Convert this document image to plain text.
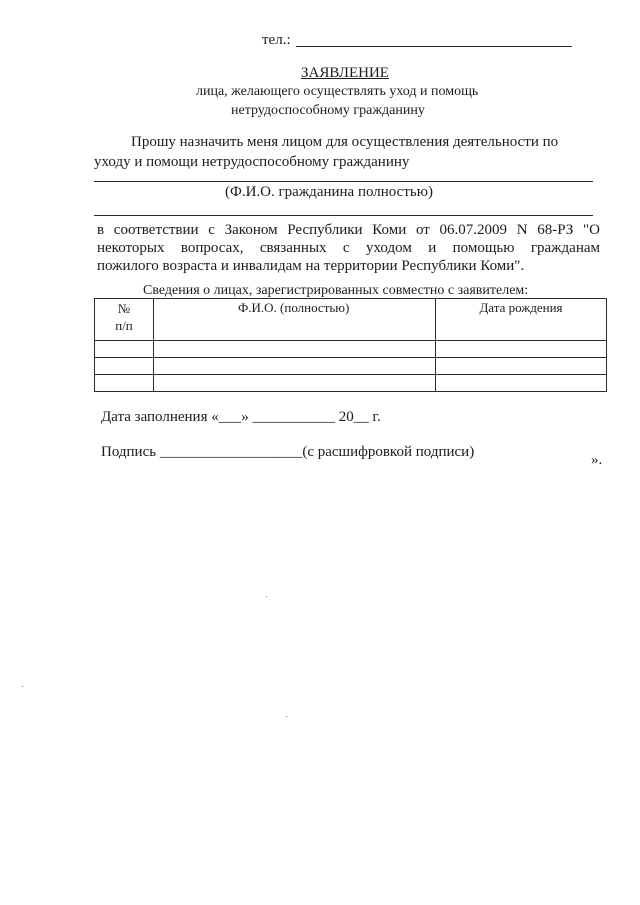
тел.:
ЗАЯВЛЕНИЕ
лица, желающего осуществлять уход и помощь
нетрудоспособному гражданину
Прошу назначить меня лицом для осуществления деятельности по
уходу и помощи нетрудоспособному гражданину
(Ф.И.О. гражданина полностью)
в соответствии с Законом Республики Коми от 06.07.2009 N 68-РЗ "О
некоторых вопросах, связанных с уходом и помощью гражданам
пожилого возраста и инвалидам на территории Республики Коми".
Сведения о лицах, зарегистрированных совместно с заявителем:
№
п/п	Ф.И.О. (полностью)	Дата рождения

Дата заполнения «___» ___________ 20__ г.
Подпись ___________________(с расшифровкой подписи)	».
